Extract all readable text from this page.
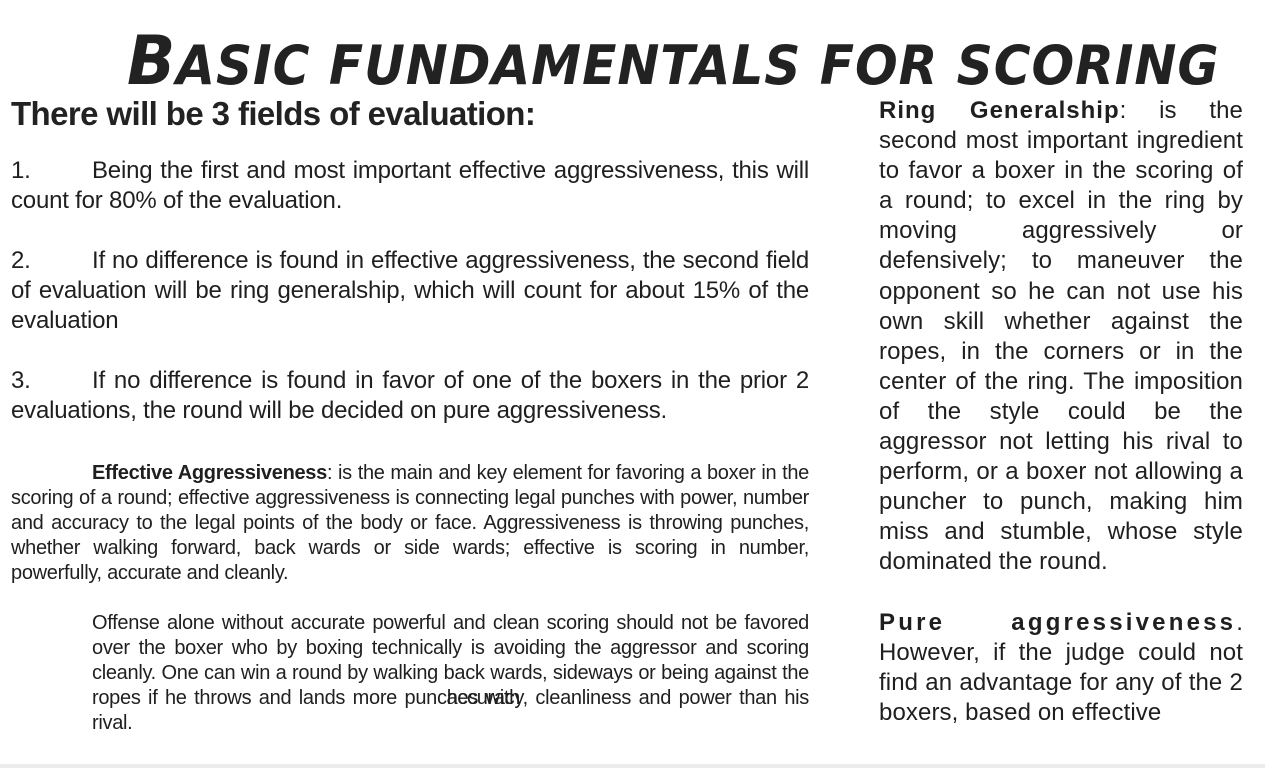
BASIC FUNDAMENTALS FOR SCORING
There will be 3 fields of evaluation:

1.	Being the first and most important effective aggressiveness, this will count for 80% of the evaluation.

2.	If no difference is found in effective aggressiveness, the second field of evaluation will be ring generalship, which will count for about 15% of the evaluation

3.	If no difference is found in favor of one of the boxers in the prior 2 evaluations, the round will be decided on pure aggressiveness.

Effective Aggressiveness: is the main and key element for favoring a boxer in the scoring of a round; effective aggressiveness is connecting legal punches with power, number and accuracy to the legal points of the body or face. Aggressiveness is throwing punches, whether walking forward, back wards or side wards; effective is scoring in number, powerfully, accurate and cleanly.

Offense alone without accurate powerful and clean scoring should not be favored over the boxer who by boxing technically is avoiding the aggressor and scoring cleanly. One can win a round by walking back wards, sideways or being against the ropes if he throws and lands more punches with accuracy, cleanliness and power than his rival.

Ring Generalship: is the second most important ingredient to favor a boxer in the scoring of a round; to excel in the ring by moving aggressively or defensively; to maneuver the opponent so he can not use his own skill whether against the ropes, in the corners or in the center of the ring. The imposition of the style could be the aggressor not letting his rival to perform, or a boxer not allowing a puncher to punch, making him miss and stumble, whose style dominated the round.

Pure aggressiveness. However, if the judge could not find an advantage for any of the 2 boxers, based on effective
